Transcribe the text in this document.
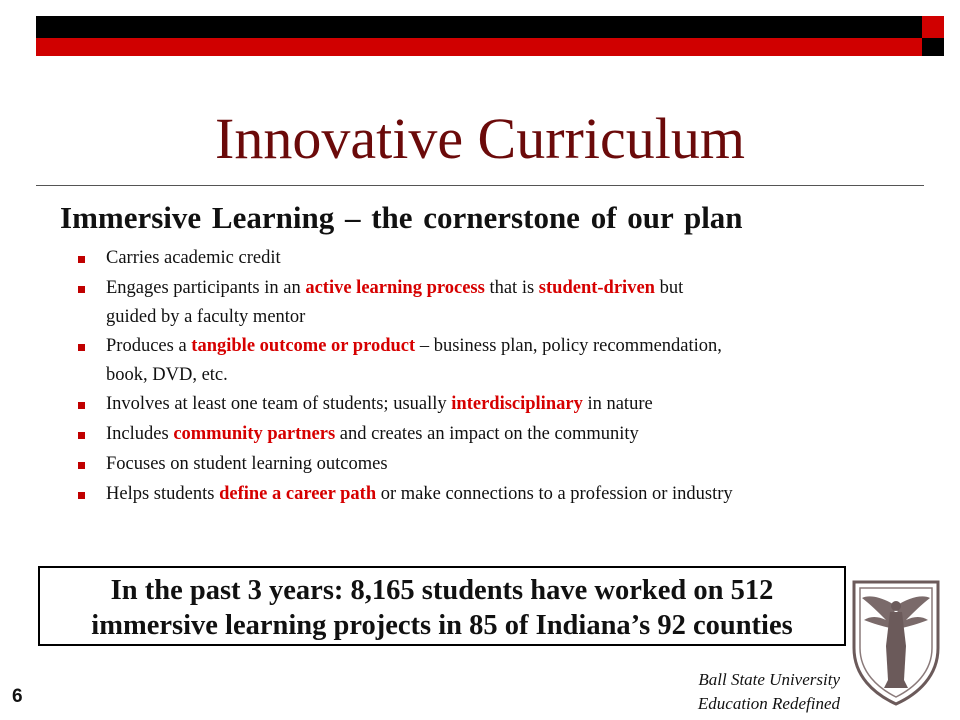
Innovative Curriculum
Immersive Learning – the cornerstone of our plan
Carries academic credit
Engages participants in an active learning process that is student-driven but
guided by a faculty mentor
Produces a tangible outcome or product – business plan, policy recommendation,
book, DVD, etc.
Involves at least one team of students; usually interdisciplinary in nature
Includes community partners and creates an impact on the community
Focuses on student learning outcomes
Helps students define a career path or make connections to a profession or industry
In the past 3 years: 8,165 students have worked on 512
immersive learning projects in 85 of Indiana’s 92 counties
6
Ball State University
Education Redefined
